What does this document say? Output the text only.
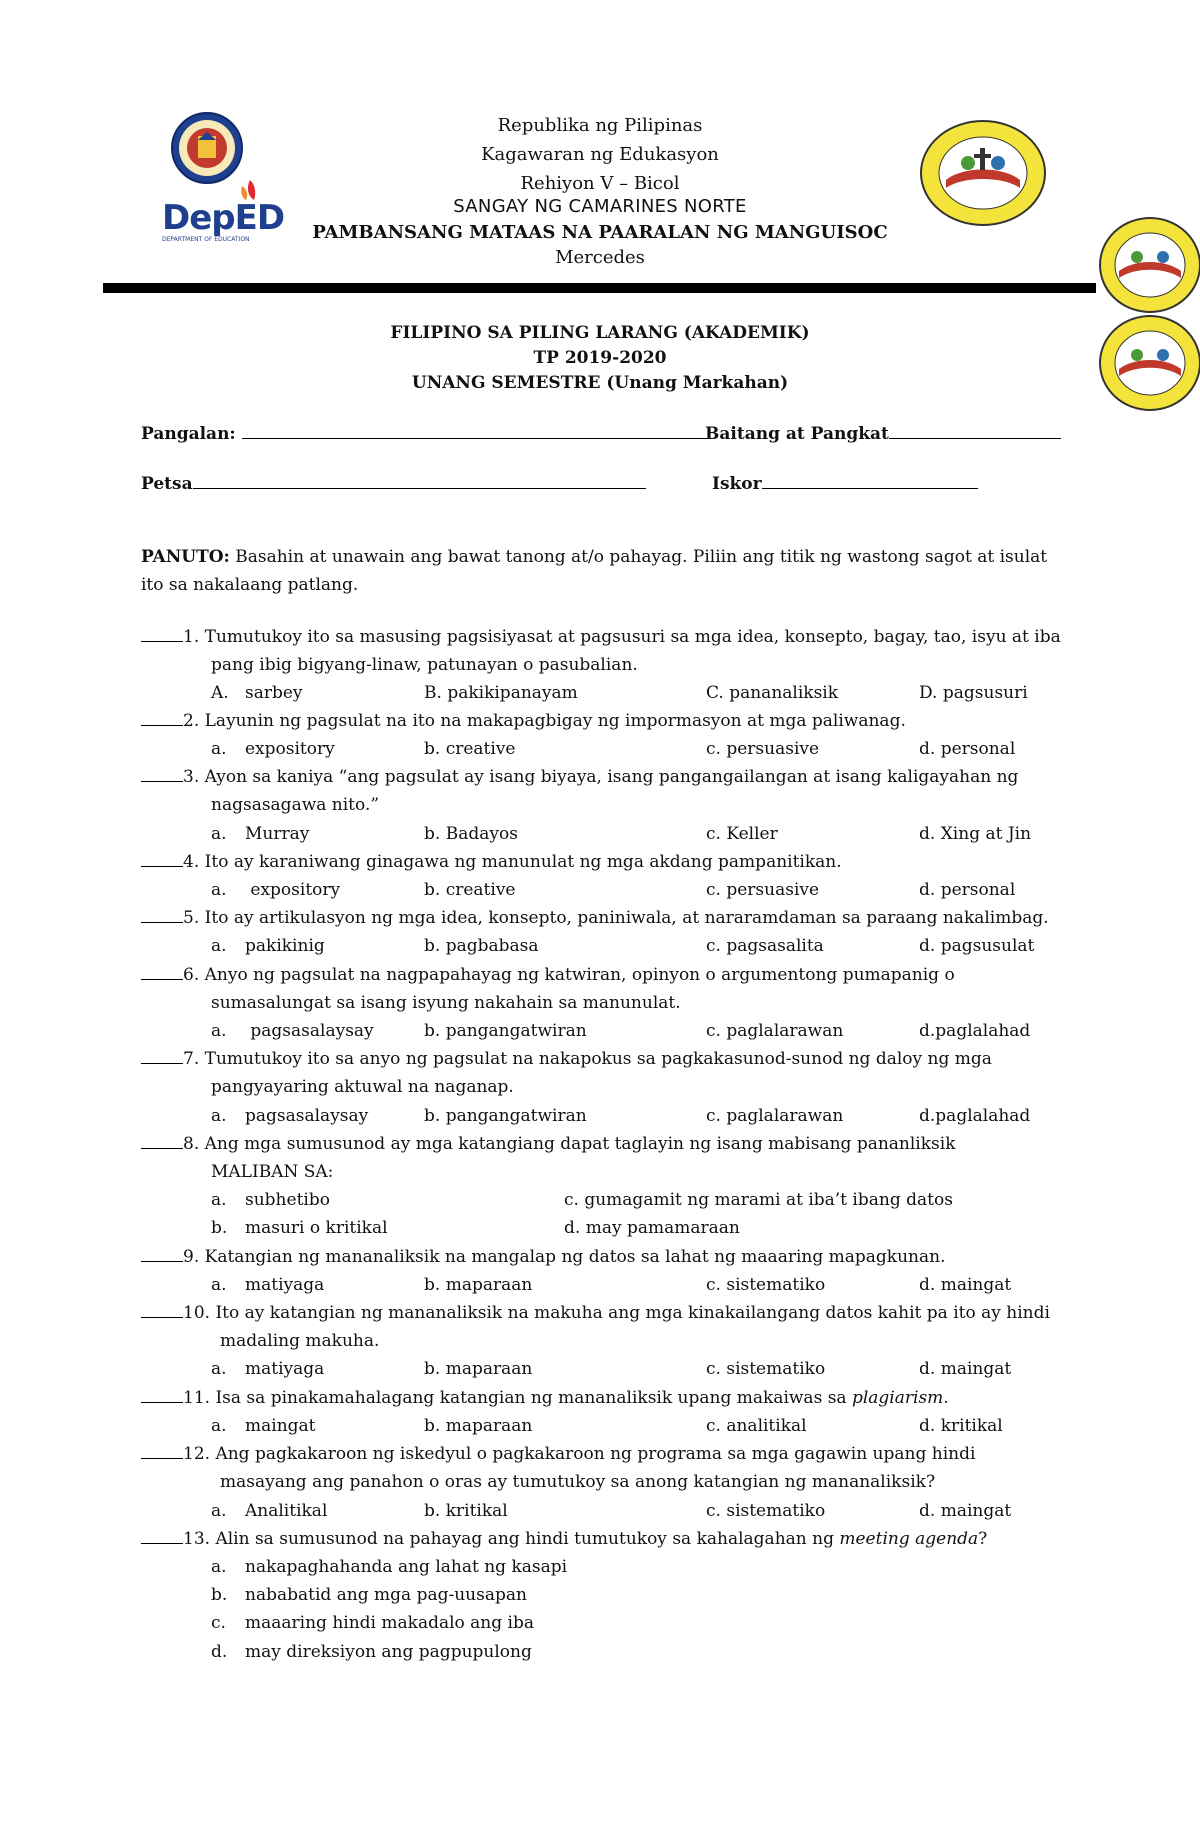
DepED
DEPARTMENT OF EDUCATION
Republika ng Pilipinas
Kagawaran ng Edukasyon
Rehiyon V – Bicol
SANGAY NG CAMARINES NORTE
PAMBANSANG MATAAS NA PAARALAN NG MANGUISOC
Mercedes
FILIPINO SA PILING LARANG (AKADEMIK)
TP 2019-2020
UNANG SEMESTRE (Unang Markahan)
Pangalan:	Baitang at Pangkat
Petsa	Iskor
PANUTO: Basahin at unawain ang bawat tanong at/o pahayag. Piliin ang titik ng wastong sagot at isulat ito sa nakalaang patlang.
1. Tumutukoy ito sa masusing pagsisiyasat at pagsusuri sa mga idea, konsepto, bagay, tao, isyu at iba
pang ibig bigyang-linaw, patunayan o pasubalian.
A. sarbey	B. pakikipanayam	C. pananaliksik	D. pagsusuri
2. Layunin ng pagsulat na ito na makapagbigay ng impormasyon at mga paliwanag.
a. expository	b. creative	c. persuasive	d. personal
3. Ayon sa kaniya “ang pagsulat ay isang biyaya, isang pangangailangan at isang kaligayahan ng
nagsasagawa nito.”
a. Murray	b. Badayos	c. Keller	d. Xing at Jin
4. Ito ay karaniwang ginagawa ng manunulat ng mga akdang pampanitikan.
a. expository	b. creative	c. persuasive	d. personal
5. Ito ay artikulasyon ng mga idea, konsepto, paniniwala, at nararamdaman sa paraang nakalimbag.
a. pakikinig	b. pagbabasa	c. pagsasalita	d. pagsusulat
6. Anyo ng pagsulat na nagpapahayag ng katwiran, opinyon o argumentong pumapanig o
sumasalungat sa isang isyung nakahain sa manunulat.
a. pagsasalaysay	b. pangangatwiran	c. paglalarawan	d.paglalahad
7. Tumutukoy ito sa anyo ng pagsulat na nakapokus sa pagkakasunod-sunod ng daloy ng mga
pangyayaring aktuwal na naganap.
a. pagsasalaysay	b. pangangatwiran	c. paglalarawan	d.paglalahad
8. Ang mga sumusunod ay mga katangiang dapat taglayin ng isang mabisang pananliksik
MALIBAN SA:
a. subhetibo	c. gumagamit ng marami at iba’t ibang datos
b. masuri o kritikal	d. may pamamaraan
9. Katangian ng mananaliksik na mangalap ng datos sa lahat ng maaaring mapagkunan.
a. matiyaga	b. maparaan	c. sistematiko	d. maingat
10. Ito ay katangian ng mananaliksik na makuha ang mga kinakailangang datos kahit pa ito ay hindi
madaling makuha.
a. matiyaga	b. maparaan	c. sistematiko	d. maingat
11. Isa sa pinakamahalagang katangian ng mananaliksik upang makaiwas sa plagiarism.
a. maingat	b. maparaan	c. analitikal	d. kritikal
12. Ang pagkakaroon ng iskedyul o pagkakaroon ng programa sa mga gagawin upang hindi
masayang ang panahon o oras ay tumutukoy sa anong katangian ng mananaliksik?
a. Analitikal	b. kritikal	c. sistematiko	d. maingat
13. Alin sa sumusunod na pahayag ang hindi tumutukoy sa kahalagahan ng meeting agenda?
a. nakapaghahanda ang lahat ng kasapi
b. nababatid ang mga pag-uusapan
c. maaaring hindi makadalo ang iba
d. may direksiyon ang pagpupulong
